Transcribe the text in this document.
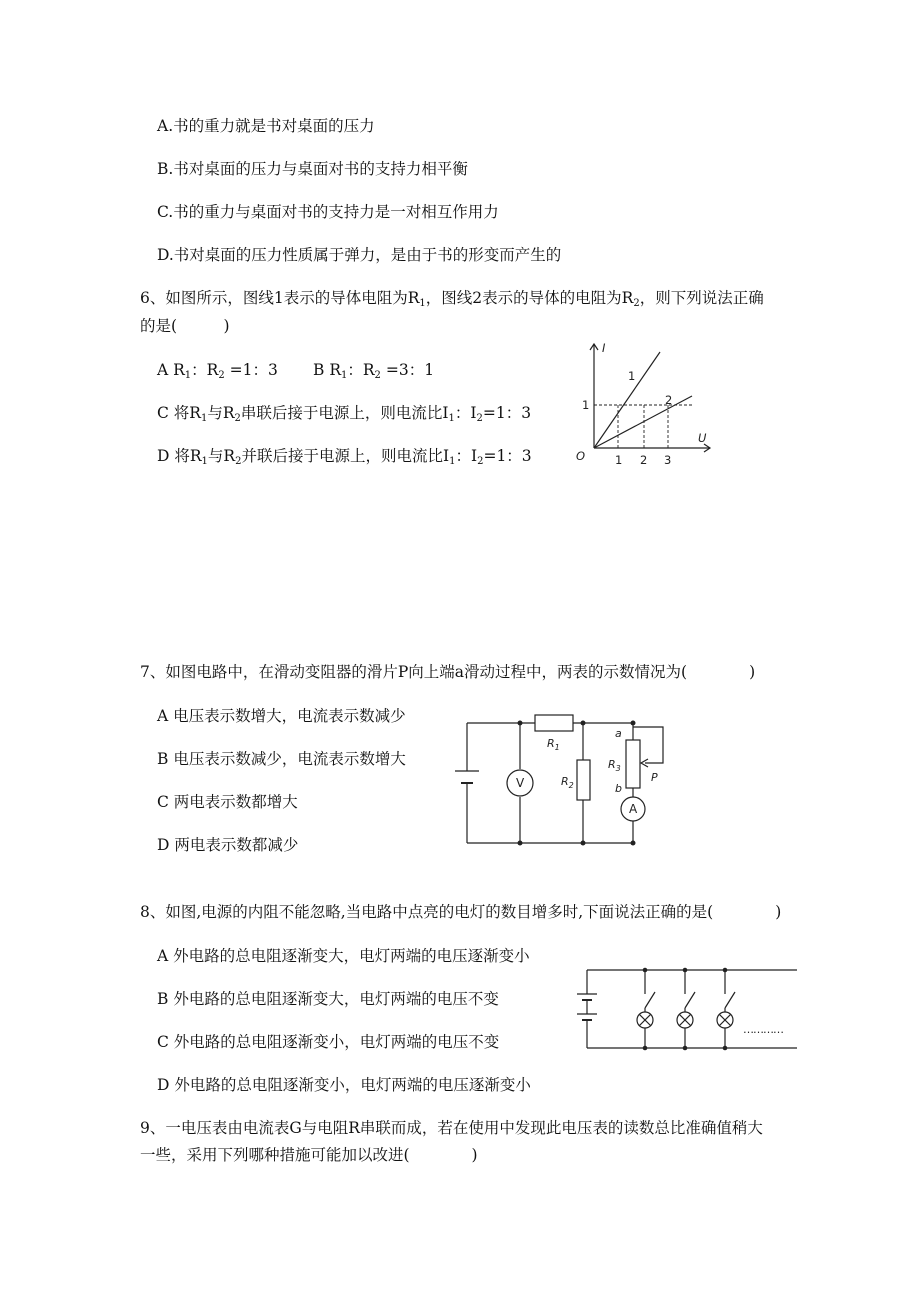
A.书的重力就是书对桌面的压力
B.书对桌面的压力与桌面对书的支持力相平衡
C.书的重力与桌面对书的支持力是一对相互作用力
D.书对桌面的压力性质属于弹力，是由于书的形变而产生的
6、如图所示，图线1表示的导体电阻为$R_1$，图线2表示的导体的电阻为$R_2$，则下列说法正确
的是(　　　)
A $R_1$：$R_2 =1$：3 B $R_1$：$R_2 =3$：1
C 将$R_1$与$R_2$串联后接于电源上，则电流比$I_1$：$I_2=1$：3
D 将$R_1$与$R_2$并联后接于电源上，则电流比$I_1$：$I_2=1$：3
I
U
O	1 2 3
1
1
2
7、如图电路中，在滑动变阻器的滑片P向上端a滑动过程中，两表的示数情况为(　　　　)
A 电压表示数增大，电流表示数减少
B 电压表示数减少，电流表示数增大
C 两电表示数都增大
D 两电表示数都减少
V
A
$R_1$
$R_2$
$R_3$
a
b
P
8、如图,电源的内阻不能忽略,当电路中点亮的电灯的数目增多时,下面说法正确的是(　　　　)
A 外电路的总电阻逐渐变大，电灯两端的电压逐渐变小
B 外电路的总电阻逐渐变大，电灯两端的电压不变
C 外电路的总电阻逐渐变小，电灯两端的电压不变
D 外电路的总电阻逐渐变小，电灯两端的电压逐渐变小
…………
9、一电压表由电流表G与电阻R串联而成，若在使用中发现此电压表的读数总比准确值稍大
一些，采用下列哪种措施可能加以改进(　　　　)
